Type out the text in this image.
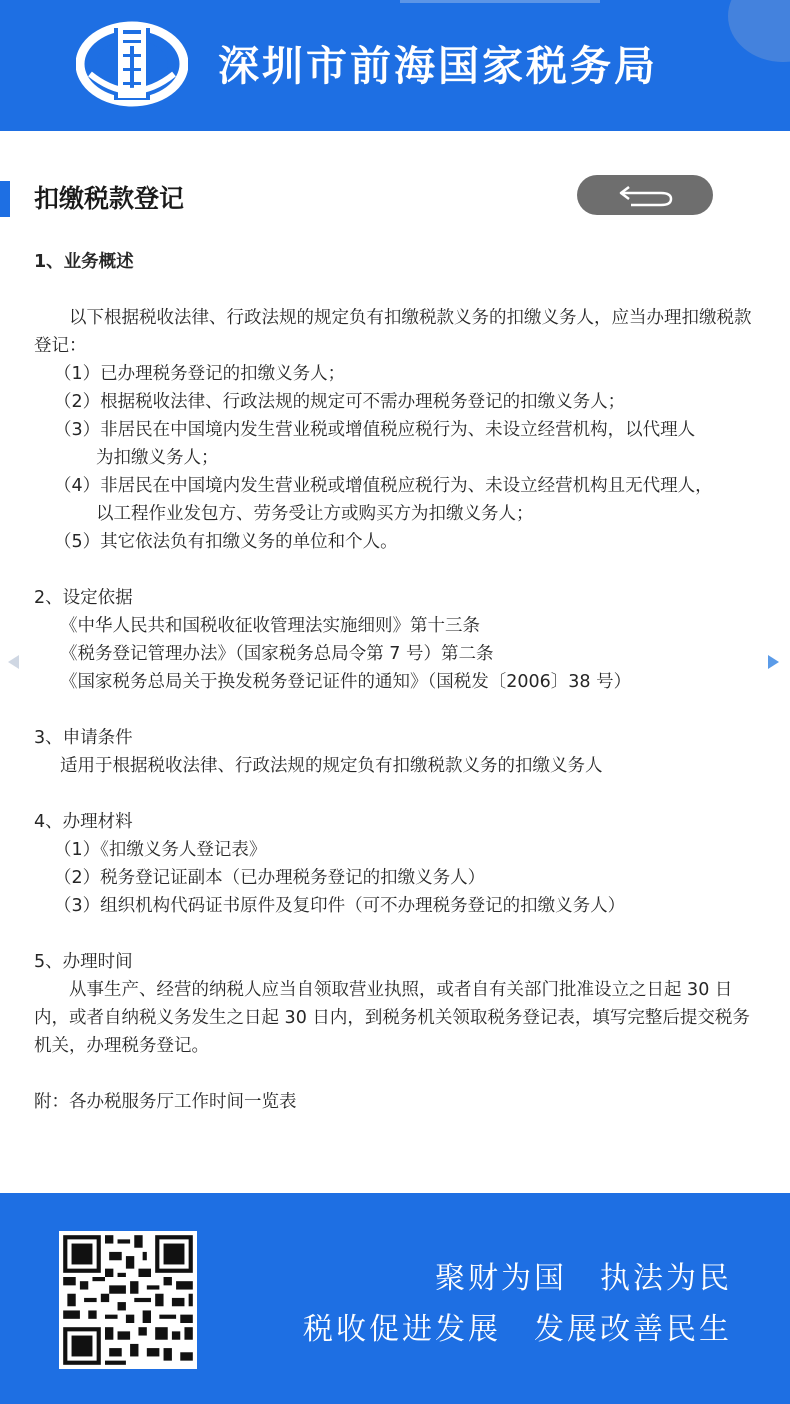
深圳市前海国家税务局
扣缴税款登记

1、业务概述

以下根据税收法律、行政法规的规定负有扣缴税款义务的扣缴义务人，应当办理扣缴税款登记：

（1）已办理税务登记的扣缴义务人；

（2）根据税收法律、行政法规的规定可不需办理税务登记的扣缴义务人；

（3）非居民在中国境内发生营业税或增值税应税行为、未设立经营机构，以代理人

为扣缴义务人；

（4）非居民在中国境内发生营业税或增值税应税行为、未设立经营机构且无代理人，

以工程作业发包方、劳务受让方或购买方为扣缴义务人；

（5）其它依法负有扣缴义务的单位和个人。

2、设定依据

《中华人民共和国税收征收管理法实施细则》第十三条

《税务登记管理办法》（国家税务总局令第 7 号）第二条

《国家税务总局关于换发税务登记证件的通知》（国税发〔2006〕38 号）

3、申请条件

适用于根据税收法律、行政法规的规定负有扣缴税款义务的扣缴义务人

4、办理材料

（1）《扣缴义务人登记表》

（2）税务登记证副本（已办理税务登记的扣缴义务人）

（3）组织机构代码证书原件及复印件（可不办理税务登记的扣缴义务人）

5、办理时间

从事生产、经营的纳税人应当自领取营业执照，或者自有关部门批准设立之日起 30 日内，或者自纳税义务发生之日起 30 日内，到税务机关领取税务登记表，填写完整后提交税务机关，办理税务登记。

附：各办税服务厅工作时间一览表

聚财为国　执法为民
税收促进发展　发展改善民生
